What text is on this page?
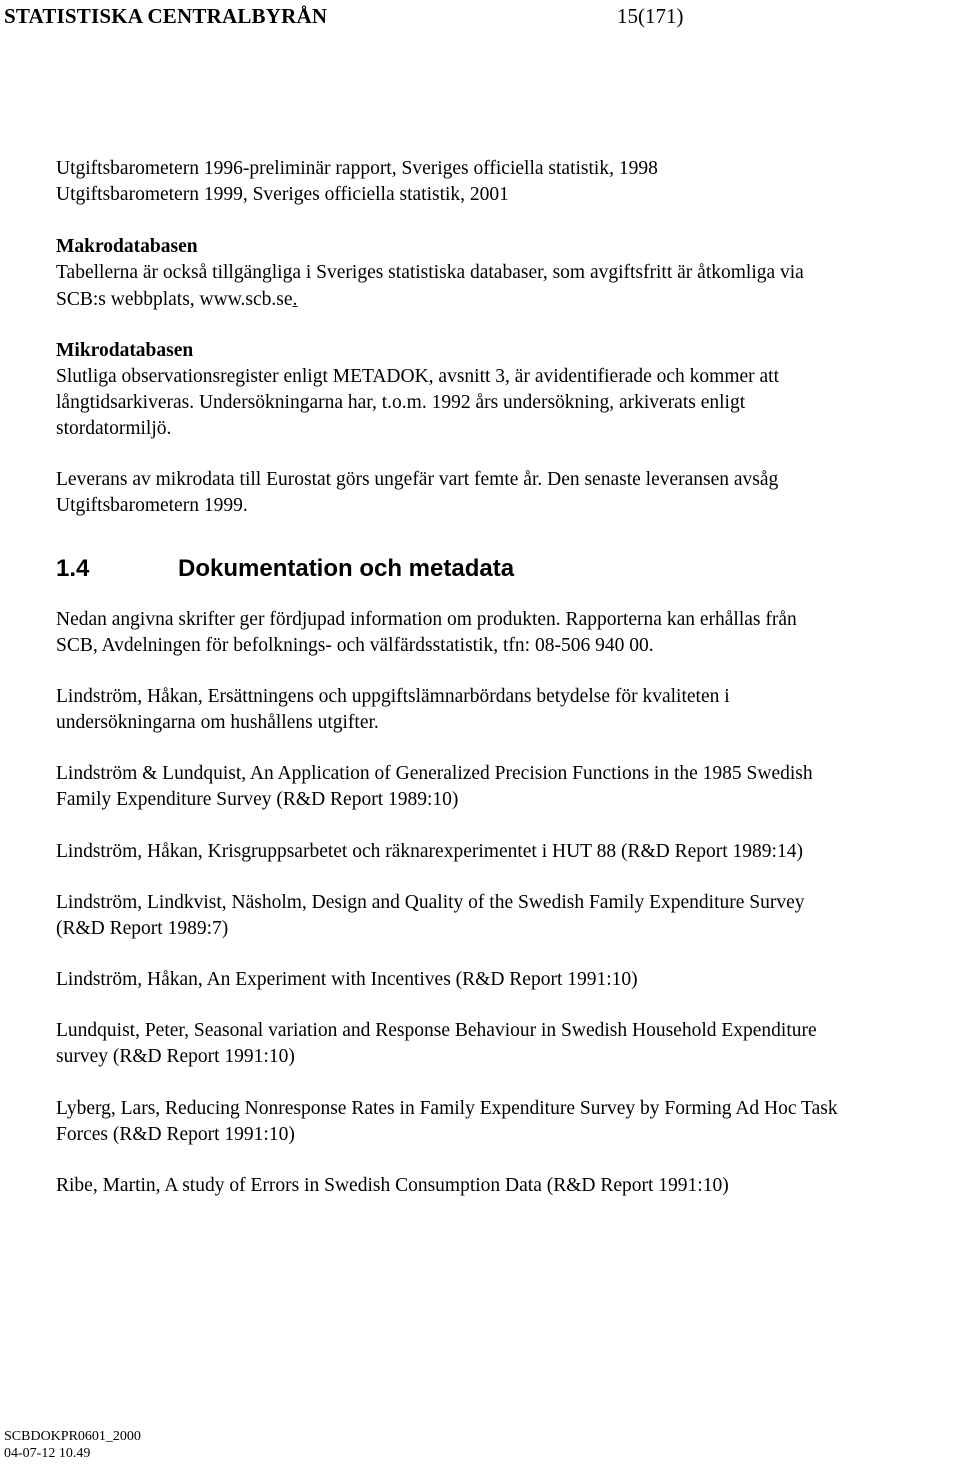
STATISTISKA CENTRALBYRÅN	15(171)
Utgiftsbarometern 1996-preliminär rapport, Sveriges officiella statistik, 1998
Utgiftsbarometern 1999, Sveriges officiella statistik, 2001
Makrodatabasen
Tabellerna är också tillgängliga i Sveriges statistiska databaser, som avgiftsfritt är åtkomliga via
SCB:s webbplats, www.scb.se.
Mikrodatabasen
Slutliga observationsregister enligt METADOK, avsnitt 3, är avidentifierade och kommer att
långtidsarkiveras. Undersökningarna har, t.o.m. 1992 års undersökning, arkiverats enligt
stordatormiljö.
Leverans av mikrodata till Eurostat görs ungefär vart femte år. Den senaste leveransen avsåg
Utgiftsbarometern 1999.
1.4	Dokumentation och metadata
Nedan angivna skrifter ger fördjupad information om produkten. Rapporterna kan erhållas från
SCB, Avdelningen för befolknings- och välfärdsstatistik, tfn: 08-506 940 00.
Lindström, Håkan, Ersättningens och uppgiftslämnarbördans betydelse för kvaliteten i
undersökningarna om hushållens utgifter.
Lindström & Lundquist, An Application of Generalized Precision Functions in the 1985 Swedish
Family Expenditure Survey (R&D Report 1989:10)
Lindström, Håkan, Krisgruppsarbetet och räknarexperimentet i HUT 88 (R&D Report 1989:14)
Lindström, Lindkvist, Näsholm, Design and Quality of the Swedish Family Expenditure Survey
(R&D Report 1989:7)
Lindström, Håkan, An Experiment with Incentives (R&D Report 1991:10)
Lundquist, Peter, Seasonal variation and Response Behaviour in Swedish Household Expenditure
survey (R&D Report 1991:10)
Lyberg, Lars, Reducing Nonresponse Rates in Family Expenditure Survey by Forming Ad Hoc Task
Forces (R&D Report 1991:10)
Ribe, Martin, A study of Errors in Swedish Consumption Data (R&D Report 1991:10)
SCBDOKPR0601_2000
04-07-12 10.49
